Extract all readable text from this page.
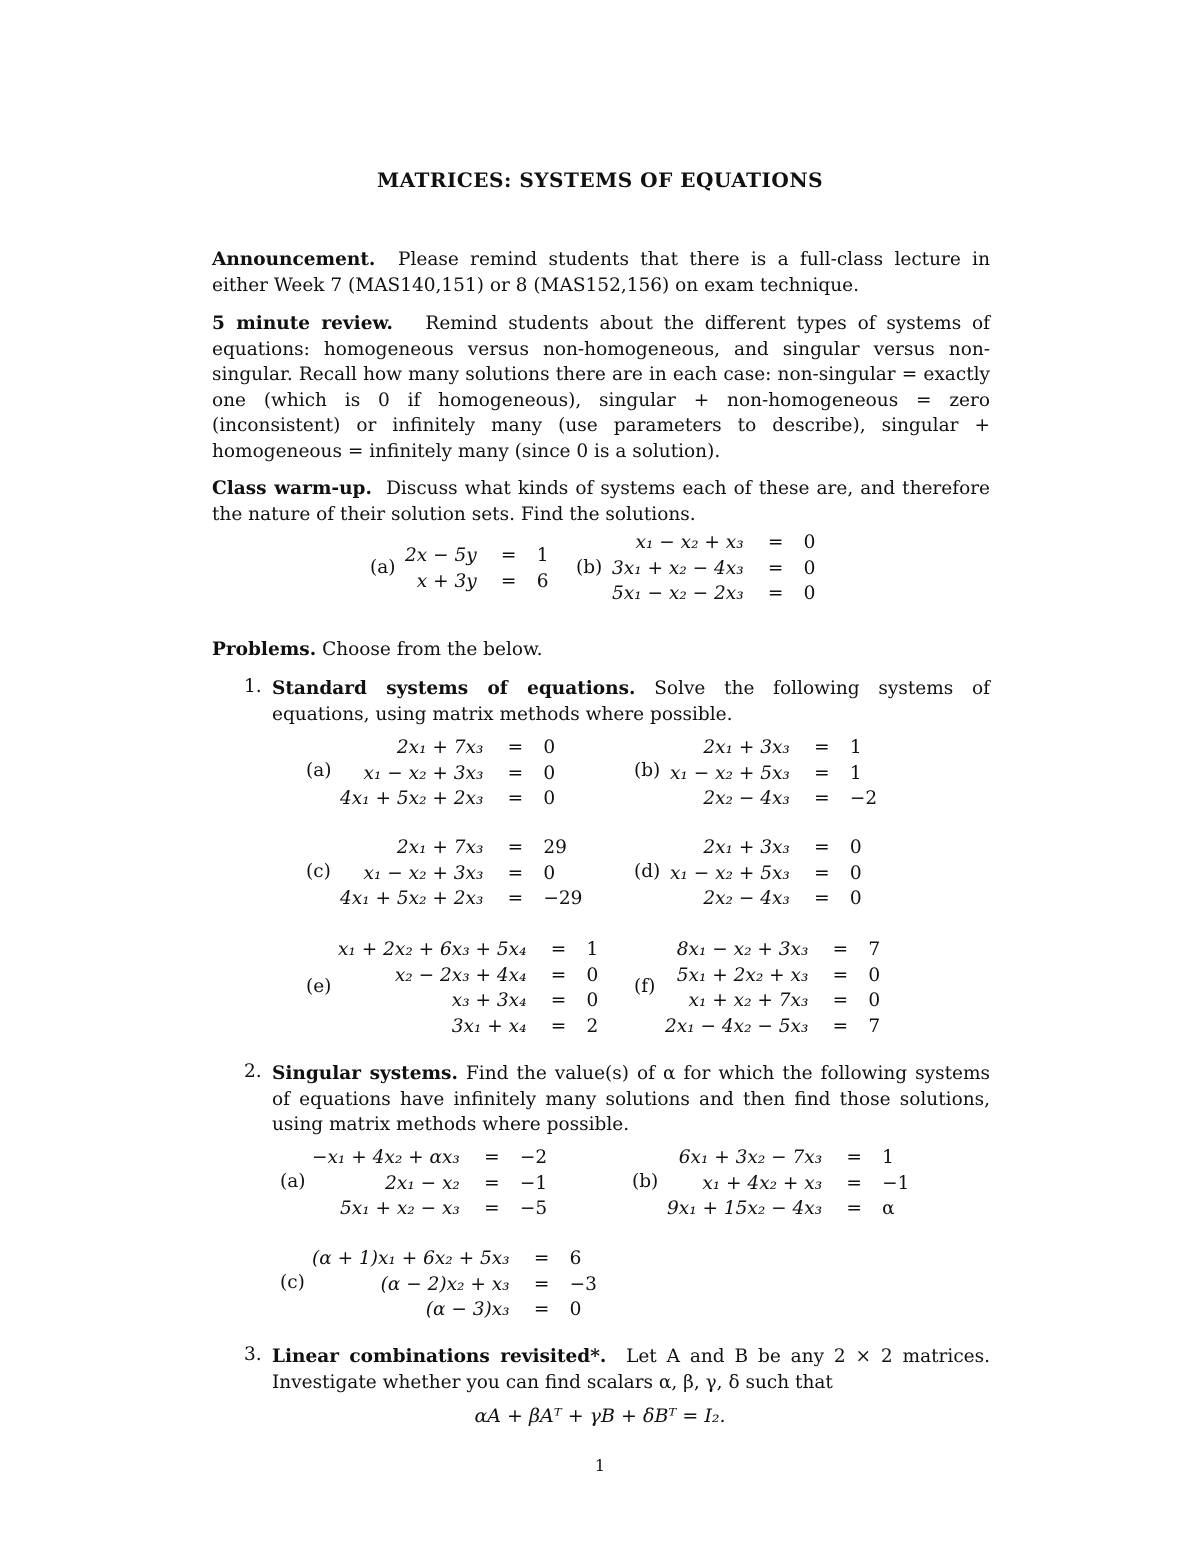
MATRICES: SYSTEMS OF EQUATIONS
Announcement. Please remind students that there is a full-class lecture in either Week 7 (MAS140,151) or 8 (MAS152,156) on exam technique.
5 minute review. Remind students about the different types of systems of equations: homogeneous versus non-homogeneous, and singular versus non-singular. Recall how many solutions there are in each case: non-singular = exactly one (which is 0 if homogeneous), singular + non-homogeneous = zero (inconsistent) or infinitely many (use parameters to describe), singular + homogeneous = infinitely many (since 0 is a solution).
Class warm-up. Discuss what kinds of systems each of these are, and therefore the nature of their solution sets. Find the solutions.
(a)
2x − 5y	=	1
x + 3y	=	6
(b)
x₁ − x₂ + x₃	=	0
3x₁ + x₂ − 4x₃	=	0
5x₁ − x₂ − 2x₃	=	0
Problems. Choose from the below.
1. Standard systems of equations. Solve the following systems of equations, using matrix methods where possible.
(a)
2x₁ + 7x₃	=	0
x₁ − x₂ + 3x₃	=	0
4x₁ + 5x₂ + 2x₃	=	0
(b)
2x₁ + 3x₃	=	1
x₁ − x₂ + 5x₃	=	1
2x₂ − 4x₃	=	−2
(c)
2x₁ + 7x₃	=	29
x₁ − x₂ + 3x₃	=	0
4x₁ + 5x₂ + 2x₃	=	−29
(d)
2x₁ + 3x₃	=	0
x₁ − x₂ + 5x₃	=	0
2x₂ − 4x₃	=	0
(e)
x₁ + 2x₂ + 6x₃ + 5x₄	=	1
x₂ − 2x₃ + 4x₄	=	0
x₃ + 3x₄	=	0
3x₁ + x₄	=	2
(f)
8x₁ − x₂ + 3x₃	=	7
5x₁ + 2x₂ + x₃	=	0
x₁ + x₂ + 7x₃	=	0
2x₁ − 4x₂ − 5x₃	=	7
2. Singular systems. Find the value(s) of α for which the following systems of equations have infinitely many solutions and then find those solutions, using matrix methods where possible.
(a)
−x₁ + 4x₂ + αx₃	=	−2
2x₁ − x₂	=	−1
5x₁ + x₂ − x₃	=	−5
(b)
6x₁ + 3x₂ − 7x₃	=	1
x₁ + 4x₂ + x₃	=	−1
9x₁ + 15x₂ − 4x₃	=	α
(c)
(α + 1)x₁ + 6x₂ + 5x₃	=	6
(α − 2)x₂ + x₃	=	−3
(α − 3)x₃	=	0
3. Linear combinations revisited*. Let A and B be any 2 × 2 matrices. Investigate whether you can find scalars α, β, γ, δ such that
αA + βAᵀ + γB + δBᵀ = I₂.
1
